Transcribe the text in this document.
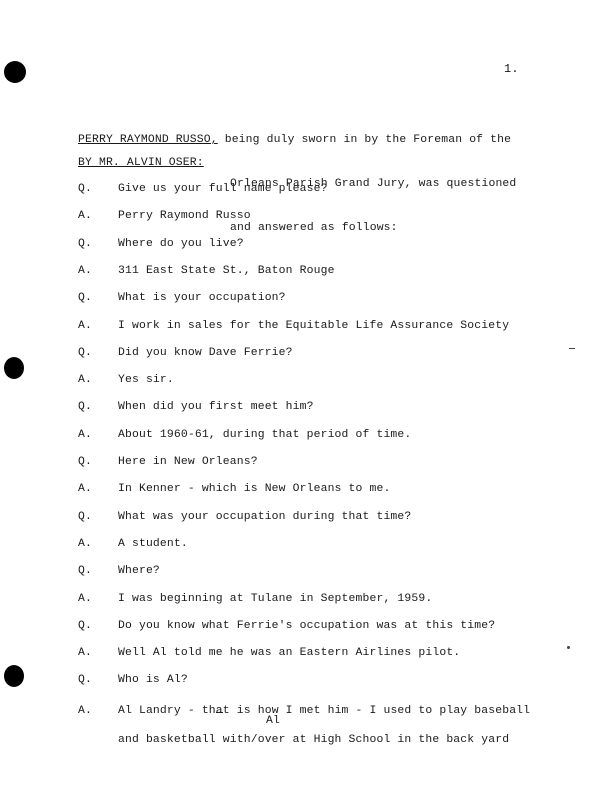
1.

PERRY RAYMOND RUSSO, being duly sworn in by the Foreman of the

Orleans Parish Grand Jury, was questioned

and answered as follows:

BY MR. ALVIN OSER:
Q. Give us your full name please?
A. Perry Raymond Russo
Q. Where do you live?
A. 311 East State St., Baton Rouge
Q. What is your occupation?
A. I work in sales for the Equitable Life Assurance Society
Q. Did you know Dave Ferrie?
A. Yes sir.
Q. When did you first meet him?
A. About 1960-61, during that period of time.
Q. Here in New Orleans?
A. In Kenner - which is New Orleans to me.
Q. What was your occupation during that time?
A. A student.
Q. Where?
A. I was beginning at Tulane in September, 1959.
Q. Do you know what Ferrie's occupation was at this time?
A. Well Al told me he was an Eastern Airlines pilot.
Q. Who is Al?
A. Al Landry - that is how I met him - I used to play baseball
Al
and basketball with/over at High School in the back yard
